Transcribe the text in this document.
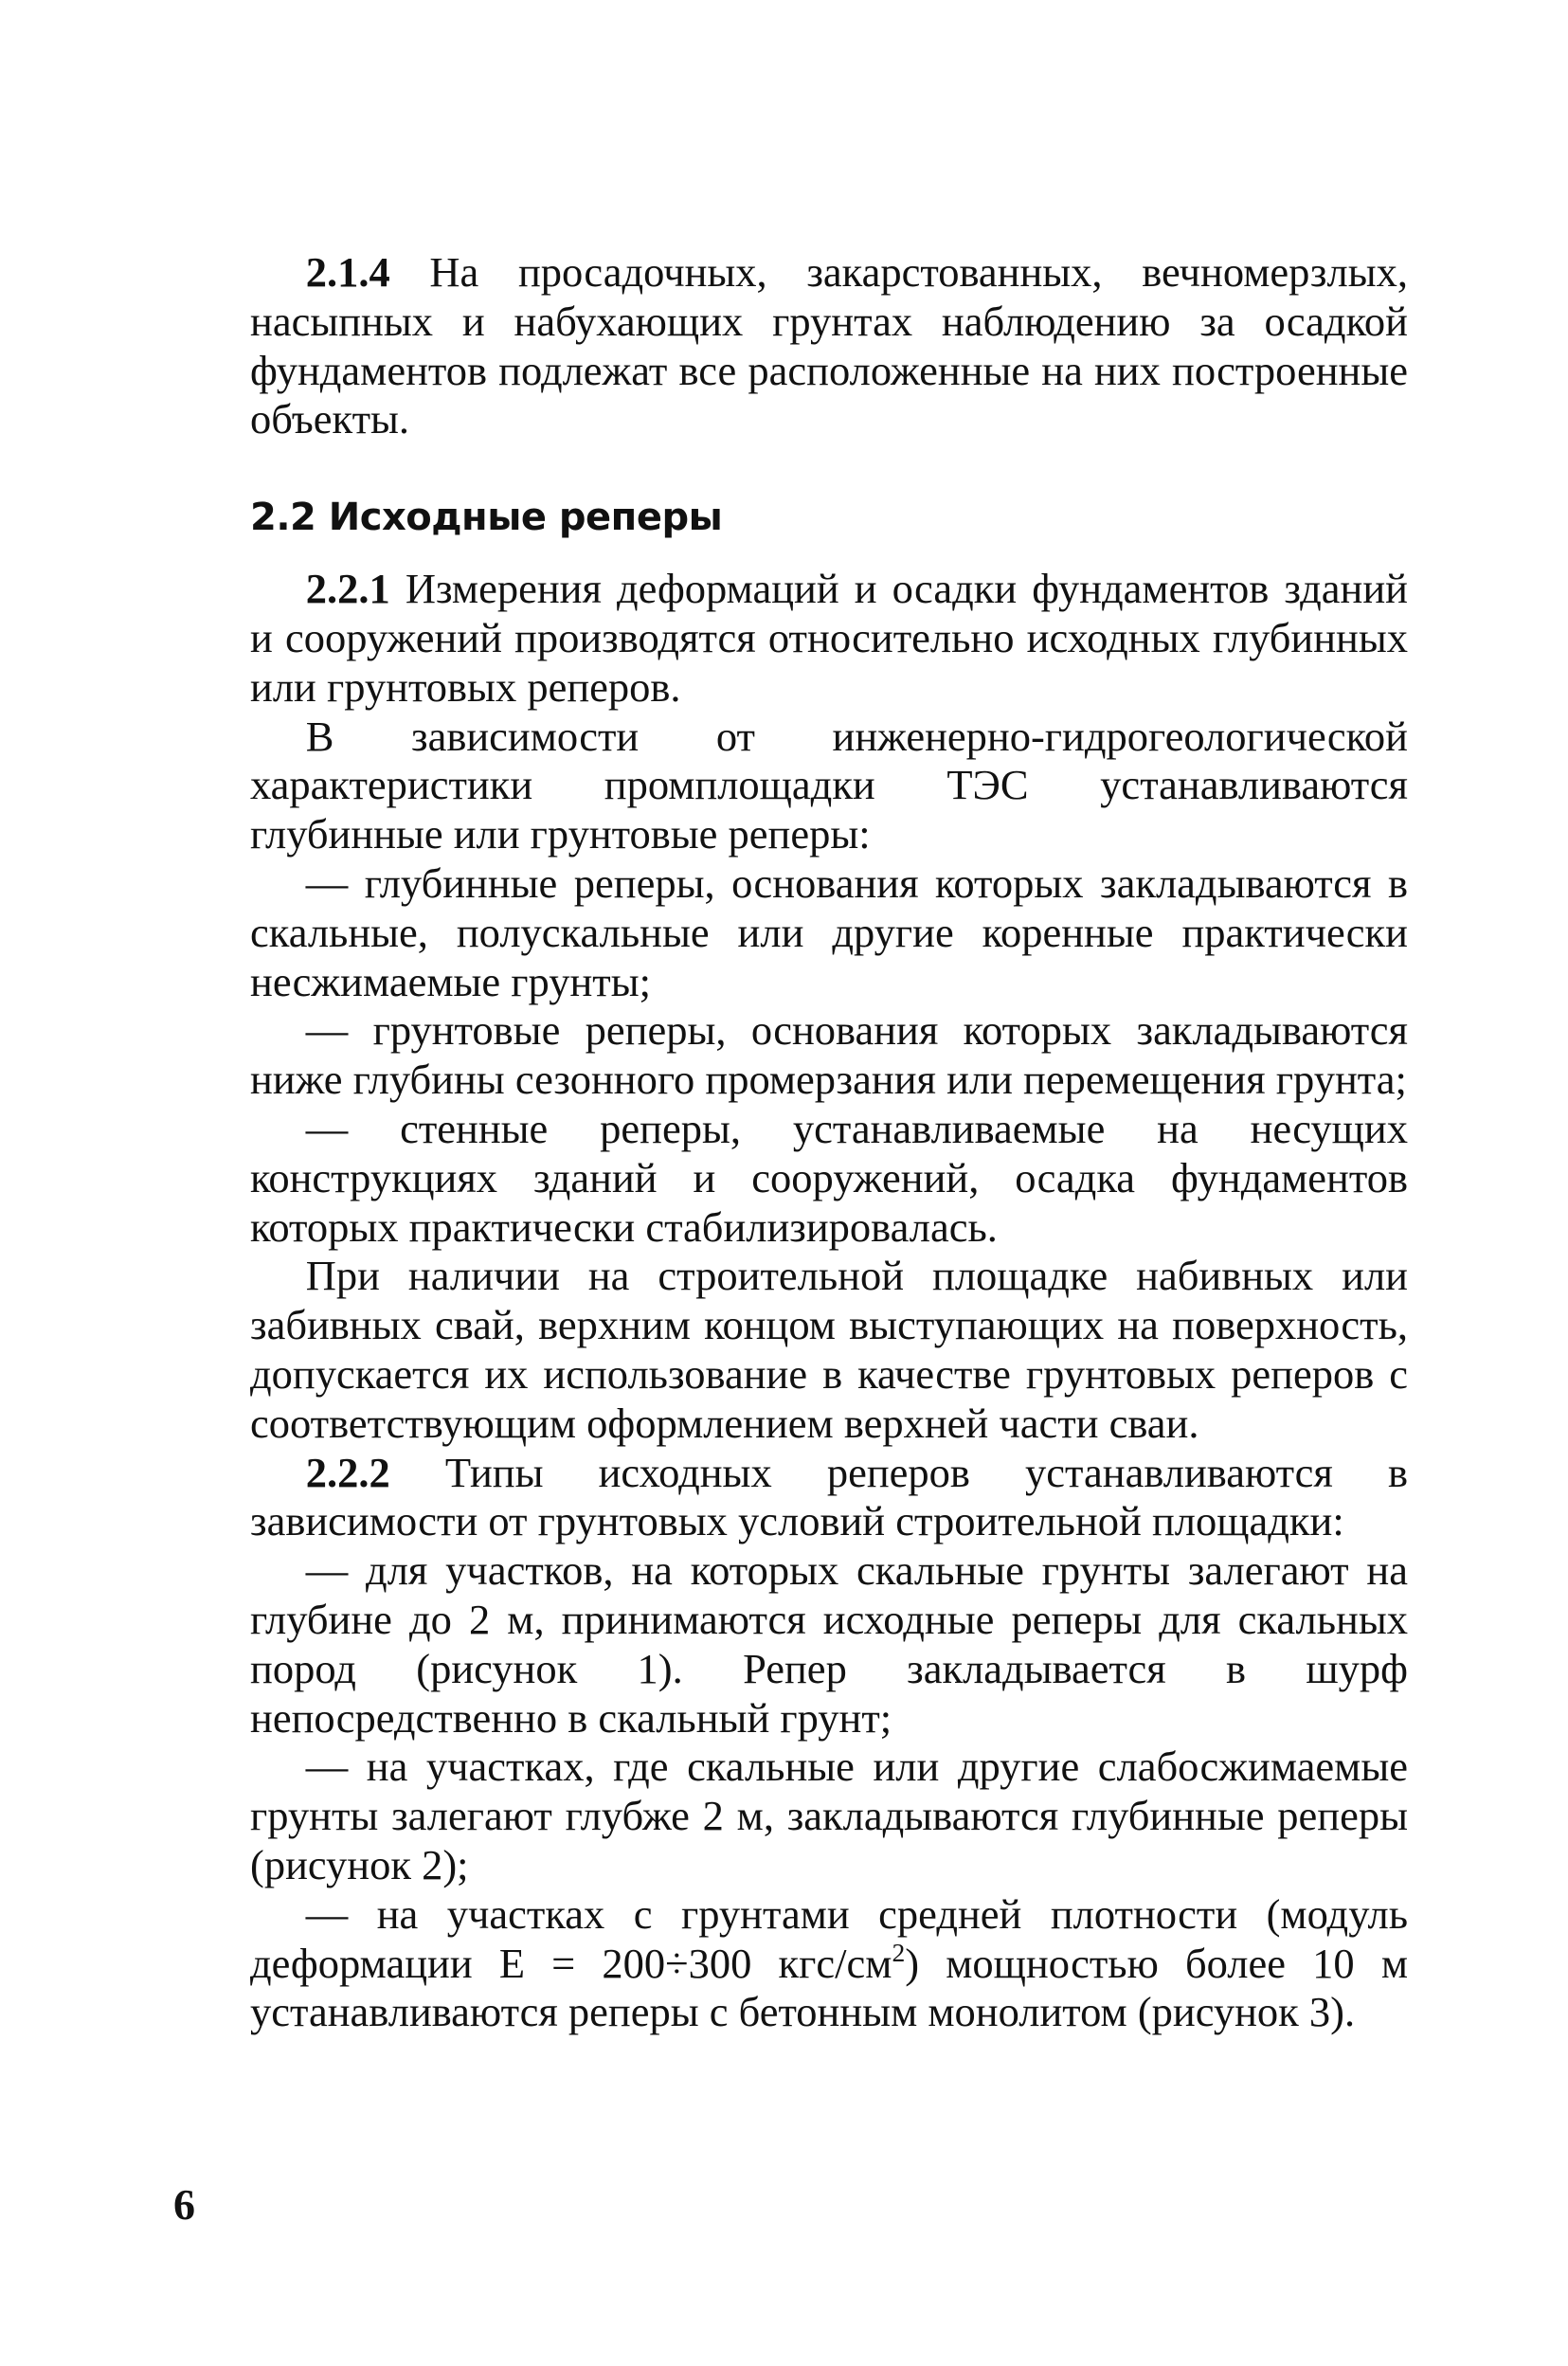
2.1.4 На просадочных, закарстованных, вечномерзлых, насыпных и набухающих грунтах наблюдению за осадкой фундаментов подлежат все расположенные на них построенные объекты.

2.2 Исходные реперы

2.2.1 Измерения деформаций и осадки фундаментов зданий и сооружений производятся относительно исходных глубинных или грунтовых реперов.

В зависимости от инженерно-гидрогеологической характеристики промплощадки ТЭС устанавливаются глубинные или грунтовые реперы:

— глубинные реперы, основания которых закладываются в скальные, полускальные или другие коренные практически несжимаемые грунты;

— грунтовые реперы, основания которых закладываются ниже глубины сезонного промерзания или перемещения грунта;

— стенные реперы, устанавливаемые на несущих конструкциях зданий и сооружений, осадка фундаментов которых практически стабилизировалась.

При наличии на строительной площадке набивных или забивных свай, верхним концом выступающих на поверхность, допускается их использование в качестве грунтовых реперов с соответствующим оформлением верхней части сваи.

2.2.2 Типы исходных реперов устанавливаются в зависимости от грунтовых условий строительной площадки:

— для участков, на которых скальные грунты залегают на глубине до 2 м, принимаются исходные реперы для скальных пород (рисунок 1). Репер закладывается в шурф непосредственно в скальный грунт;

— на участках, где скальные или другие слабосжимаемые грунты залегают глубже 2 м, закладываются глубинные реперы (рисунок 2);

— на участках с грунтами средней плотности (модуль деформации Е = 200÷300 кгс/$см^2$) мощностью более 10 м устанавливаются реперы с бетонным монолитом (рисунок 3).

6
